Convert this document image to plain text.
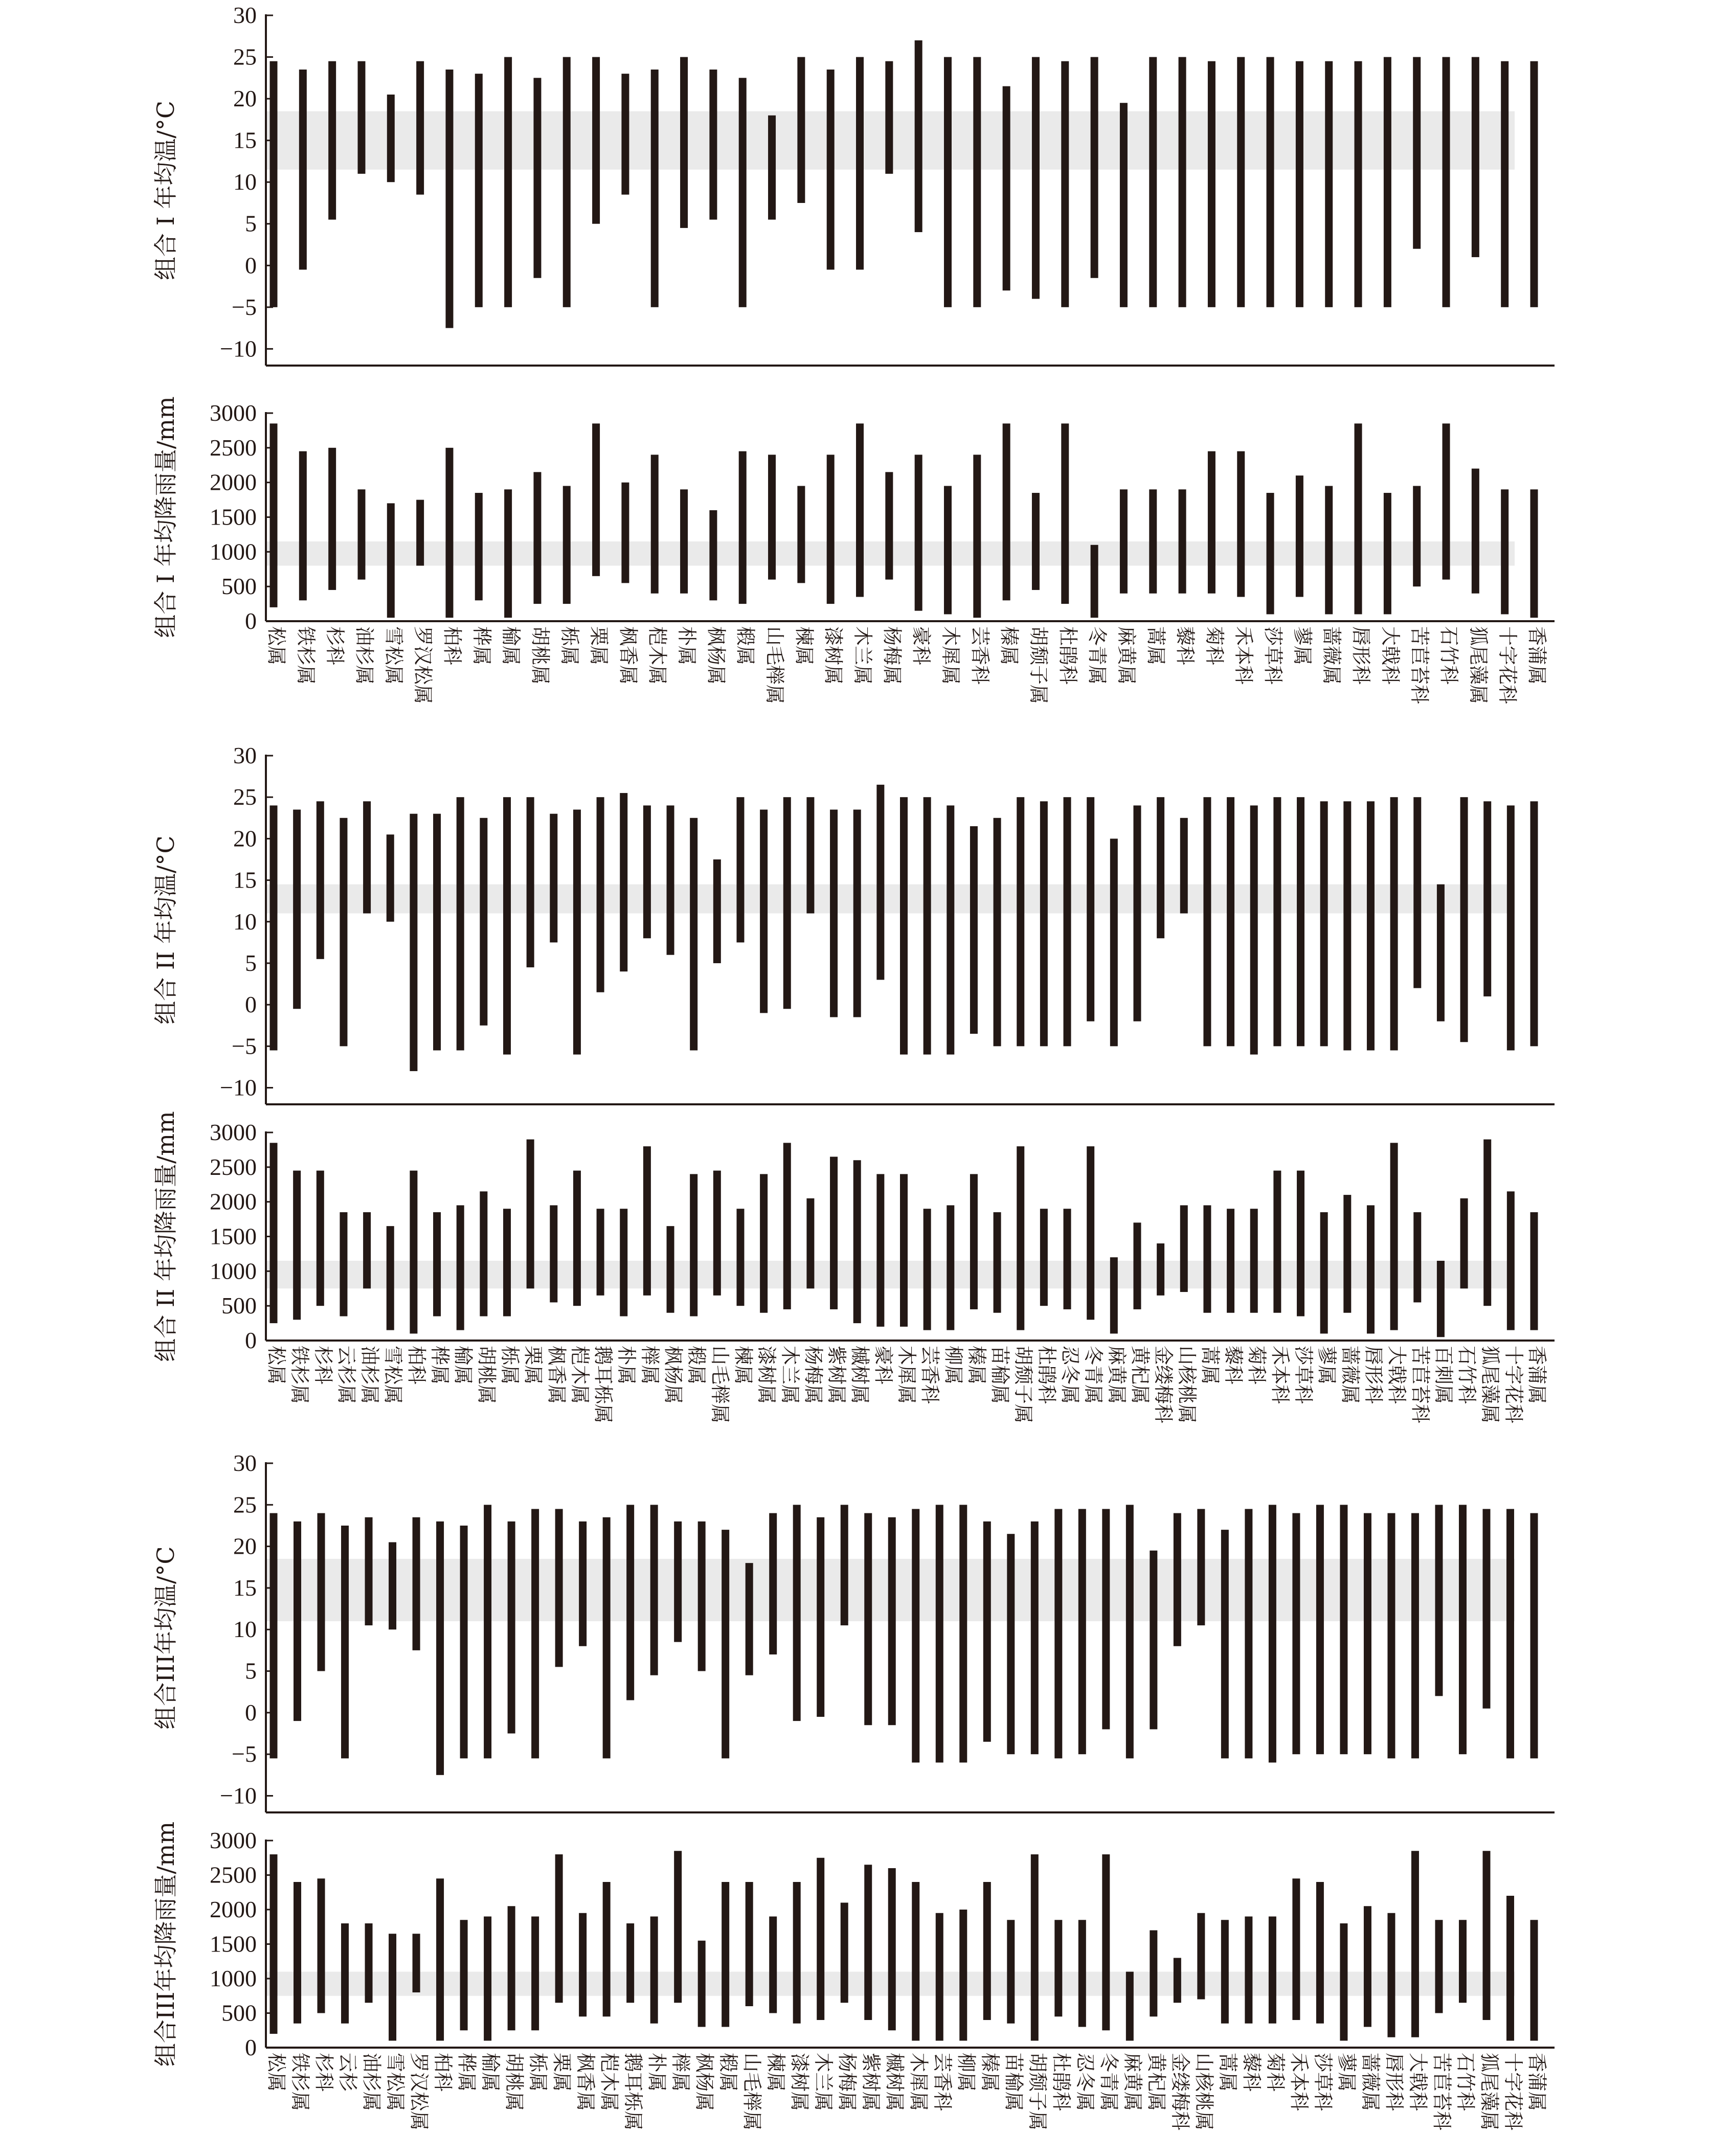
−10
−5
0
5
10
15
20
25
30
组合 I 年均温/°C
0
500
1000
1500
2000
2500
3000
组合 I 年均降雨量/mm
松属 铁杉属 杉科 油杉属 雪松属 罗汉松属 柏科 桦属 榆属 胡桃属 栎属 栗属 枫香属 桤木属 朴属 枫杨属 椴属 山毛榉属 楝属 漆树属 木兰属 杨梅属 豪科 木犀属 芸香科 榛属 胡颓子属 杜鹃科 冬青属 麻黄属 蒿属 藜科 菊科 禾本科 莎草科 蓼属 蔷薇属 唇形科 大戟科 苦苣苔科 石竹科 狐尾藻属 十字花科 香蒲属
−10
−5
0
5
10
15
20
25
30
组合 II 年均温/°C
0
500
1000
1500
2000
2500
3000
组合 II 年均降雨量/mm
松属 铁杉属 杉科 云杉属 油杉属 雪松属 柏科 桦属 榆属 胡桃属 栎属 栗属 枫香属 桤木属 鹅耳栎属 朴属 榉属 枫杨属 椴属 山毛榉属 楝属 漆树属 木兰属 杨梅属 紫树属 槭树属 豪科 木犀属 芸香科 柳属 榛属 苗榆属 胡颓子属 杜鹃科 忍冬属 冬青属 麻黄属 黄杞属 金缕梅科 山核桃属 蒿属 藜科 菊科 禾本科 莎草科 蓼属 蔷薇属 唇形科 大戟科 苦苣苔科 百刺属 石竹科 狐尾藻属 十字花科 香蒲属
−10
−5
0
5
10
15
20
25
30
组合III年均温/°C
0
500
1000
1500
2000
2500
3000
组合III年均降雨量/mm
松属 铁杉属 杉科 云杉 油杉属 雪松属 罗汉松属 柏科 桦属 榆属 胡桃属 栎属 栗属 枫香属 桤木属 鹅耳栎属 朴属 榉属 枫杨属 椴属 山毛榉属 楝属 漆树属 木兰属 杨梅属 紫树属 槭树属 木犀属 芸香科 柳属 榛属 苗榆属 胡颓子属 杜鹃科 忍冬属 冬青属 麻黄属 黄杞属 金缕梅科 山核桃属 蒿属 藜科 菊科 禾本科 莎草科 蓼属 蔷薇属 唇形科 大戟科 苦苣苔科 石竹科 狐尾藻属 十字花科 香蒲属
